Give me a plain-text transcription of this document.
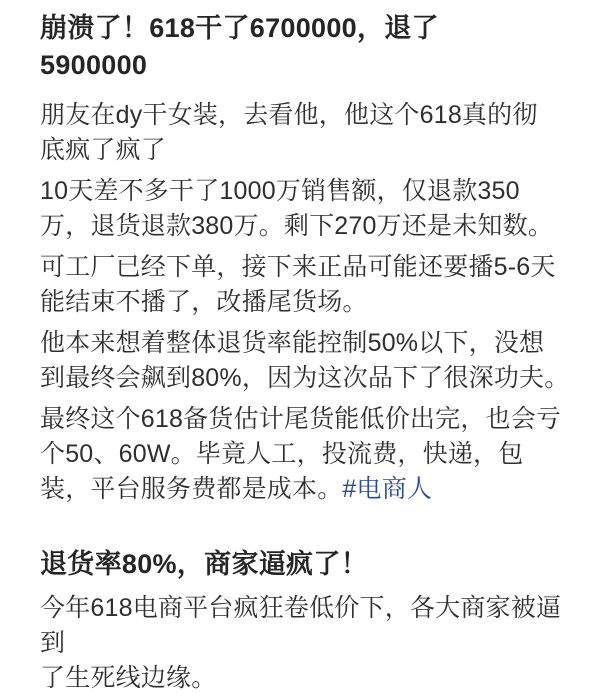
崩溃了！618干了6700000，退了
5900000

朋友在dy干女装，去看他，他这个618真的彻
底疯了疯了

10天差不多干了1000万销售额，仅退款350
万，退货退款380万。剩下270万还是未知数。

可工厂已经下单，接下来正品可能还要播5-6天
能结束不播了，改播尾货场。

他本来想着整体退货率能控制50%以下，没想
到最终会飙到80%，因为这次品下了很深功夫。

最终这个618备货估计尾货能低价出完，也会亏
个50、60W。毕竟人工，投流费，快递，包
装，平台服务费都是成本。#电商人

退货率80%，商家逼疯了！

今年618电商平台疯狂卷低价下，各大商家被逼到
了生死线边缘。
